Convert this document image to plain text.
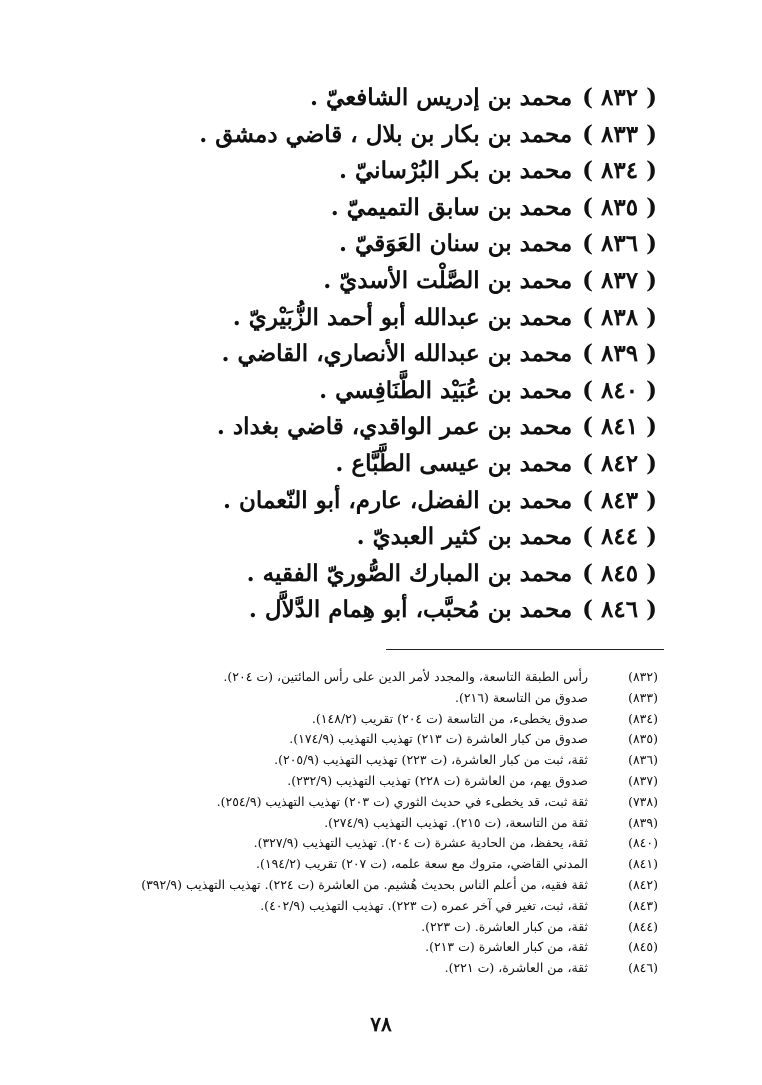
( ٨٣٢ )محمد بن إدريس الشافعيّ .
( ٨٣٣ )محمد بن بكار بن بلال ، قاضي دمشق .
( ٨٣٤ )محمد بن بكر البُرْسانيّ .
( ٨٣٥ )محمد بن سابق التميميّ .
( ٨٣٦ )محمد بن سنان العَوَقيّ .
( ٨٣٧ )محمد بن الصَّلْت الأسديّ .
( ٨٣٨ )محمد بن عبدالله أبو أحمد الزُّبَيْريّ .
( ٨٣٩ )محمد بن عبدالله الأنصاري، القاضي .
( ٨٤٠ )محمد بن عُبَيْد الطَّنَافِسي .
( ٨٤١ )محمد بن عمر الواقدي، قاضي بغداد .
( ٨٤٢ )محمد بن عيسى الطَّبَّاع .
( ٨٤٣ )محمد بن الفضل، عارم، أبو النّعمان .
( ٨٤٤ )محمد بن كثير العبديّ .
( ٨٤٥ )محمد بن المبارك الصُّوريّ الفقيه .
( ٨٤٦ )محمد بن مُحبَّب، أبو هِمام الدَّلاَّل .
(٨٣٢)رأس الطبقة التاسعة، والمجدد لأمر الدين على رأس المائتين، (ت ٢٠٤).
(٨٣٣)صدوق من التاسعة (٢١٦).
(٨٣٤)صدوق يخطىء، من التاسعة (ت ٢٠٤) تقريب (١٤٨/٢).
(٨٣٥)صدوق من كبار العاشرة (ت ٢١٣) تهذيب التهذيب (١٧٤/٩).
(٨٣٦)ثقة، ثبت من كبار العاشرة، (ت ٢٢٣) تهذيب التهذيب (٢٠٥/٩).
(٨٣٧)صدوق يهم، من العاشرة (ت ٢٢٨) تهذيب التهذيب (٢٣٢/٩).
(٧٣٨)ثقة ثبت، قد يخطىء في حديث الثوري (ت ٢٠٣) تهذيب التهذيب (٢٥٤/٩).
(٨٣٩)ثقة من التاسعة، (ت ٢١٥). تهذيب التهذيب (٢٧٤/٩).
(٨٤٠)ثقة، يحفظ، من الحادية عشرة (ت ٢٠٤). تهذيب التهذيب (٣٢٧/٩).
(٨٤١)المدني القاضي، متروك مع سعة علمه، (ت ٢٠٧) تقريب (١٩٤/٢).
(٨٤٢)ثقة فقيه، من أعلم الناس بحديث هُشيم. من العاشرة (ت ٢٢٤). تهذيب التهذيب (٣٩٢/٩)
(٨٤٣)ثقة، ثبت، تغير في آخر عمره (ت ٢٢٣). تهذيب التهذيب (٤٠٢/٩).
(٨٤٤)ثقة، من كبار العاشرة. (ت ٢٢٣).
(٨٤٥)ثقة، من كبار العاشرة (ت ٢١٣).
(٨٤٦)ثقة، من العاشرة، (ت ٢٢١).
٧٨
